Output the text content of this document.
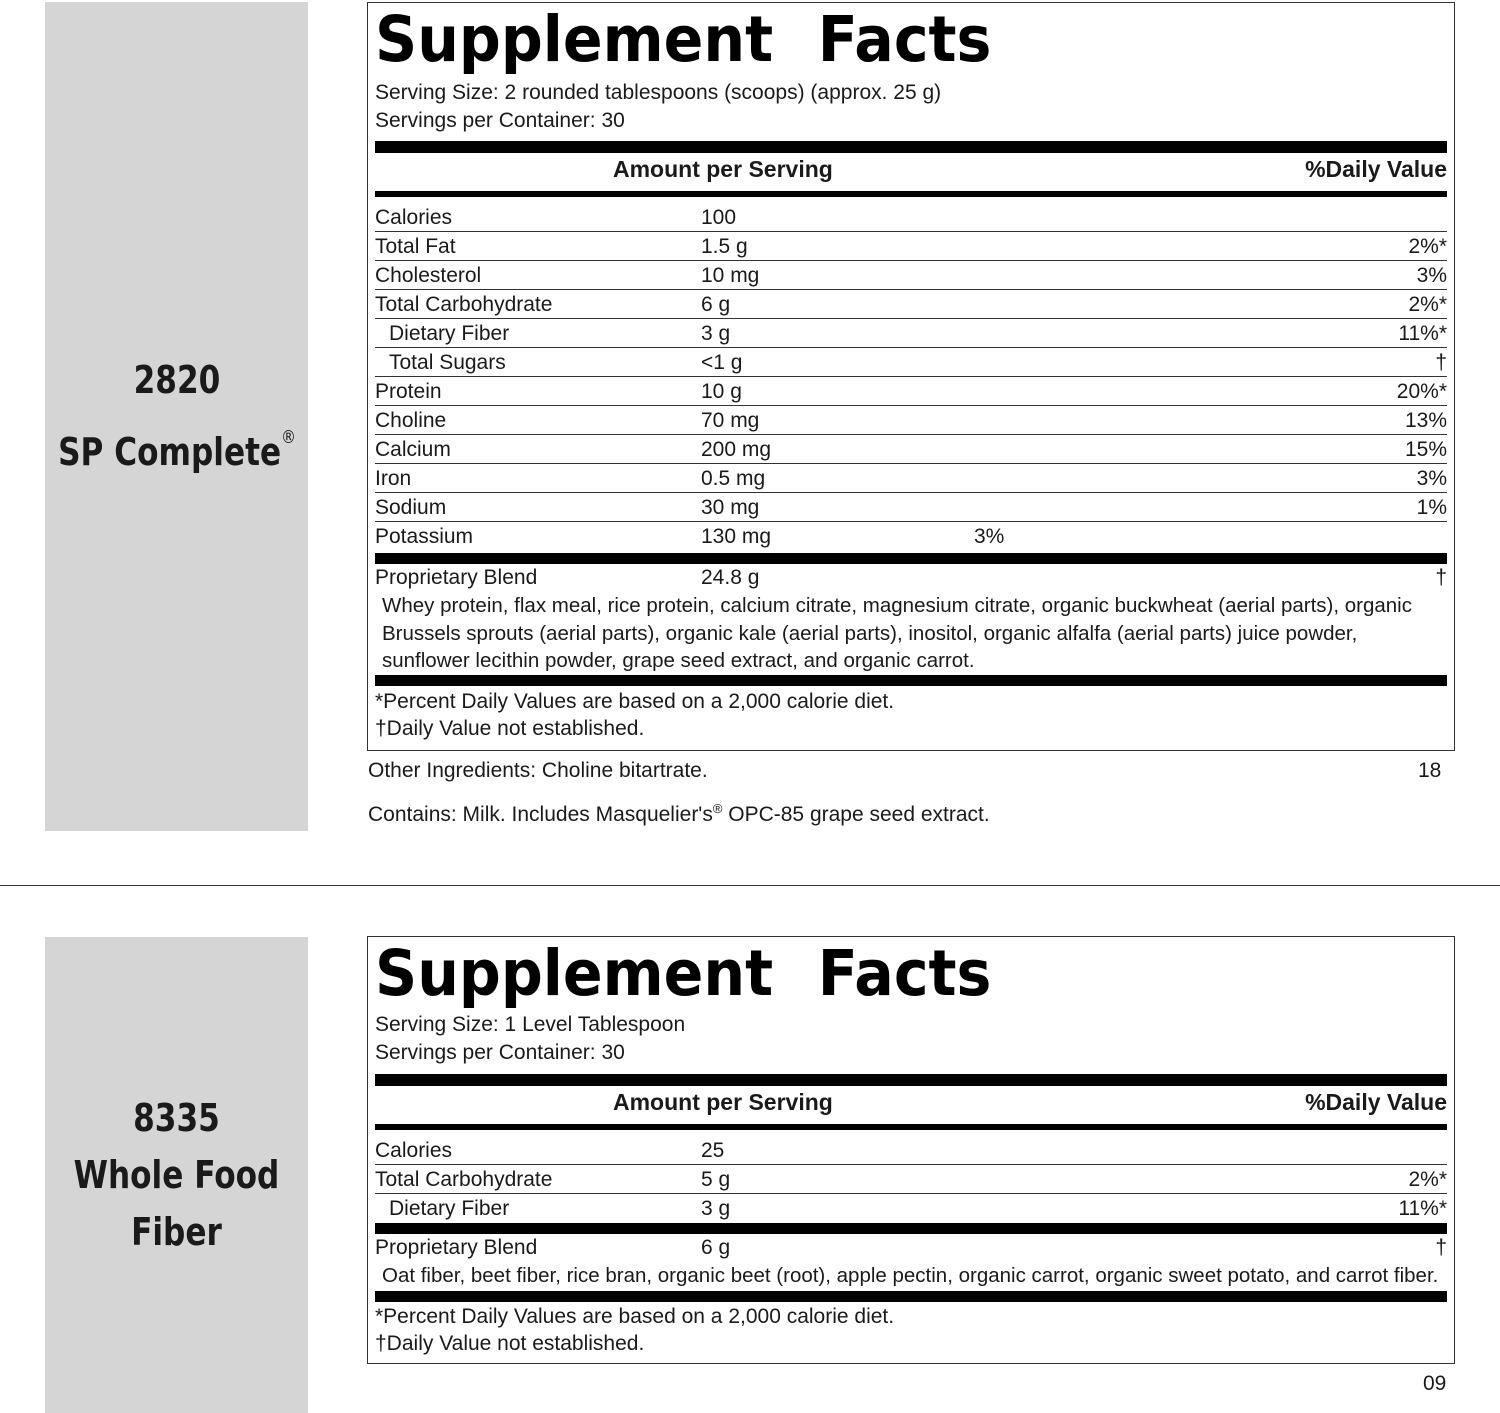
2820
SP Complete®
Supplement Facts
Serving Size: 2 rounded tablespoons (scoops) (approx. 25 g)
Servings per Container: 30
Amount per Serving	%Daily Value
Calories	100
Total Fat	1.5 g	2%*
Cholesterol	10 mg	3%
Total Carbohydrate	6 g	2%*
Dietary Fiber	3 g	11%*
Total Sugars	<1 g	†
Protein	10 g	20%*
Choline	70 mg	13%
Calcium	200 mg	15%
Iron	0.5 mg	3%
Sodium	30 mg	1%
Potassium	130 mg	3%
Proprietary Blend	24.8 g	†
Whey protein, flax meal, rice protein, calcium citrate, magnesium citrate, organic buckwheat (aerial parts), organic Brussels sprouts (aerial parts), organic kale (aerial parts), inositol, organic alfalfa (aerial parts) juice powder, sunflower lecithin powder, grape seed extract, and organic carrot.
*Percent Daily Values are based on a 2,000 calorie diet.
†Daily Value not established.
Other Ingredients: Choline bitartrate.	18
Contains: Milk. Includes Masquelier's® OPC-85 grape seed extract.
8335
Whole Food
Fiber
Supplement Facts
Serving Size: 1 Level Tablespoon
Servings per Container: 30
Amount per Serving	%Daily Value
Calories	25
Total Carbohydrate	5 g	2%*
Dietary Fiber	3 g	11%*
Proprietary Blend	6 g	†
Oat fiber, beet fiber, rice bran, organic beet (root), apple pectin, organic carrot, organic sweet potato, and carrot fiber.
*Percent Daily Values are based on a 2,000 calorie diet.
†Daily Value not established.
09
